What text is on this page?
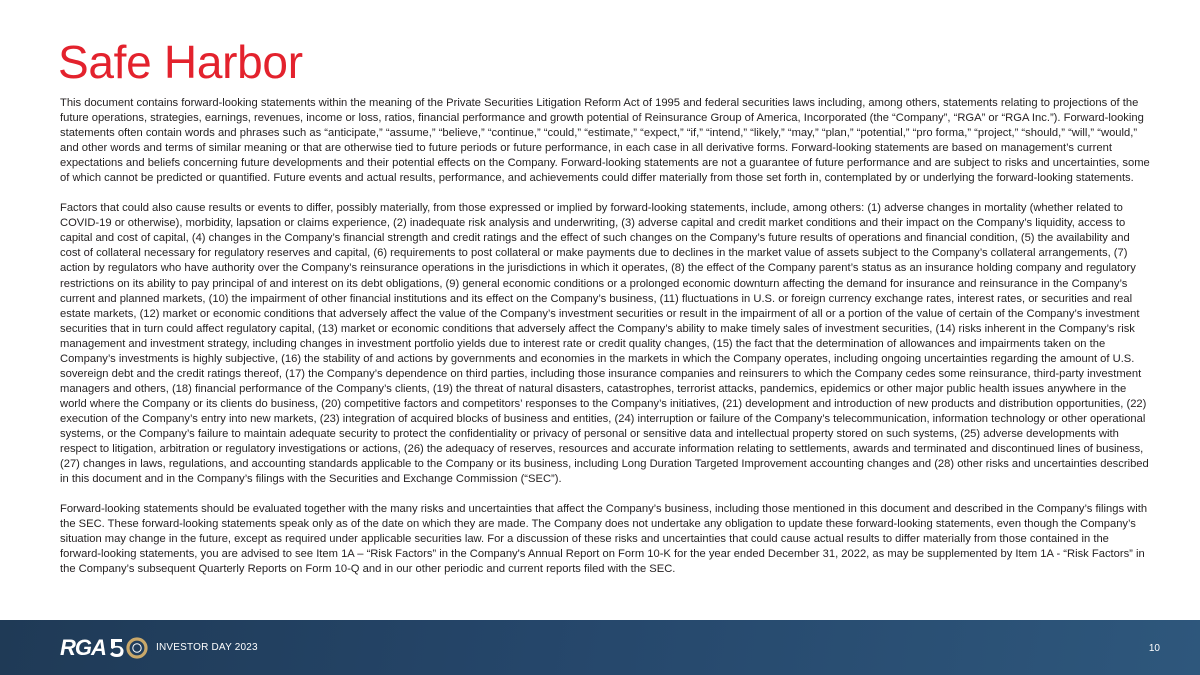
Safe Harbor

This document contains forward-looking statements within the meaning of the Private Securities Litigation Reform Act of 1995 and federal securities laws including, among others, statements relating to projections of the future operations, strategies, earnings, revenues, income or loss, ratios, financial performance and growth potential of Reinsurance Group of America, Incorporated (the “Company”, “RGA” or “RGA Inc.”). Forward-looking statements often contain words and phrases such as “anticipate,” “assume,” “believe,” “continue,” “could,” “estimate,” “expect,” “if,” “intend,” “likely,” “may,” “plan,” “potential,” “pro forma,” “project,” “should,” “will,” “would,” and other words and terms of similar meaning or that are otherwise tied to future periods or future performance, in each case in all derivative forms. Forward-looking statements are based on management’s current expectations and beliefs concerning future developments and their potential effects on the Company. Forward-looking statements are not a guarantee of future performance and are subject to risks and uncertainties, some of which cannot be predicted or quantified. Future events and actual results, performance, and achievements could differ materially from those set forth in, contemplated by or underlying the forward-looking statements.

Factors that could also cause results or events to differ, possibly materially, from those expressed or implied by forward-looking statements, include, among others: (1) adverse changes in mortality (whether related to COVID-19 or otherwise), morbidity, lapsation or claims experience, (2) inadequate risk analysis and underwriting, (3) adverse capital and credit market conditions and their impact on the Company’s liquidity, access to capital and cost of capital, (4) changes in the Company’s financial strength and credit ratings and the effect of such changes on the Company’s future results of operations and financial condition, (5) the availability and cost of collateral necessary for regulatory reserves and capital, (6) requirements to post collateral or make payments due to declines in the market value of assets subject to the Company’s collateral arrangements, (7) action by regulators who have authority over the Company’s reinsurance operations in the jurisdictions in which it operates, (8) the effect of the Company parent’s status as an insurance holding company and regulatory restrictions on its ability to pay principal of and interest on its debt obligations, (9) general economic conditions or a prolonged economic downturn affecting the demand for insurance and reinsurance in the Company’s current and planned markets, (10) the impairment of other financial institutions and its effect on the Company’s business, (11) fluctuations in U.S. or foreign currency exchange rates, interest rates, or securities and real estate markets, (12) market or economic conditions that adversely affect the value of the Company’s investment securities or result in the impairment of all or a portion of the value of certain of the Company’s investment securities that in turn could affect regulatory capital, (13) market or economic conditions that adversely affect the Company’s ability to make timely sales of investment securities, (14) risks inherent in the Company’s risk management and investment strategy, including changes in investment portfolio yields due to interest rate or credit quality changes, (15) the fact that the determination of allowances and impairments taken on the Company’s investments is highly subjective, (16) the stability of and actions by governments and economies in the markets in which the Company operates, including ongoing uncertainties regarding the amount of U.S. sovereign debt and the credit ratings thereof, (17) the Company’s dependence on third parties, including those insurance companies and reinsurers to which the Company cedes some reinsurance, third-party investment managers and others, (18) financial performance of the Company’s clients, (19) the threat of natural disasters, catastrophes, terrorist attacks, pandemics, epidemics or other major public health issues anywhere in the world where the Company or its clients do business, (20) competitive factors and competitors’ responses to the Company’s initiatives, (21) development and introduction of new products and distribution opportunities, (22) execution of the Company’s entry into new markets, (23) integration of acquired blocks of business and entities, (24) interruption or failure of the Company’s telecommunication, information technology or other operational systems, or the Company’s failure to maintain adequate security to protect the confidentiality or privacy of personal or sensitive data and intellectual property stored on such systems, (25) adverse developments with respect to litigation, arbitration or regulatory investigations or actions, (26) the adequacy of reserves, resources and accurate information relating to settlements, awards and terminated and discontinued lines of business, (27) changes in laws, regulations, and accounting standards applicable to the Company or its business, including Long Duration Targeted Improvement accounting changes and (28) other risks and uncertainties described in this document and in the Company’s filings with the Securities and Exchange Commission (“SEC”).

Forward-looking statements should be evaluated together with the many risks and uncertainties that affect the Company’s business, including those mentioned in this document and described in the Company’s filings with the SEC. These forward-looking statements speak only as of the date on which they are made. The Company does not undertake any obligation to update these forward-looking statements, even though the Company’s situation may change in the future, except as required under applicable securities law. For a discussion of these risks and uncertainties that could cause actual results to differ materially from those contained in the forward-looking statements, you are advised to see Item 1A – “Risk Factors” in the Company's Annual Report on Form 10-K for the year ended December 31, 2022, as may be supplemented by Item 1A - “Risk Factors” in the Company’s subsequent Quarterly Reports on Form 10-Q and in our other periodic and current reports filed with the SEC.

RGA	INVESTOR DAY 2023	10
